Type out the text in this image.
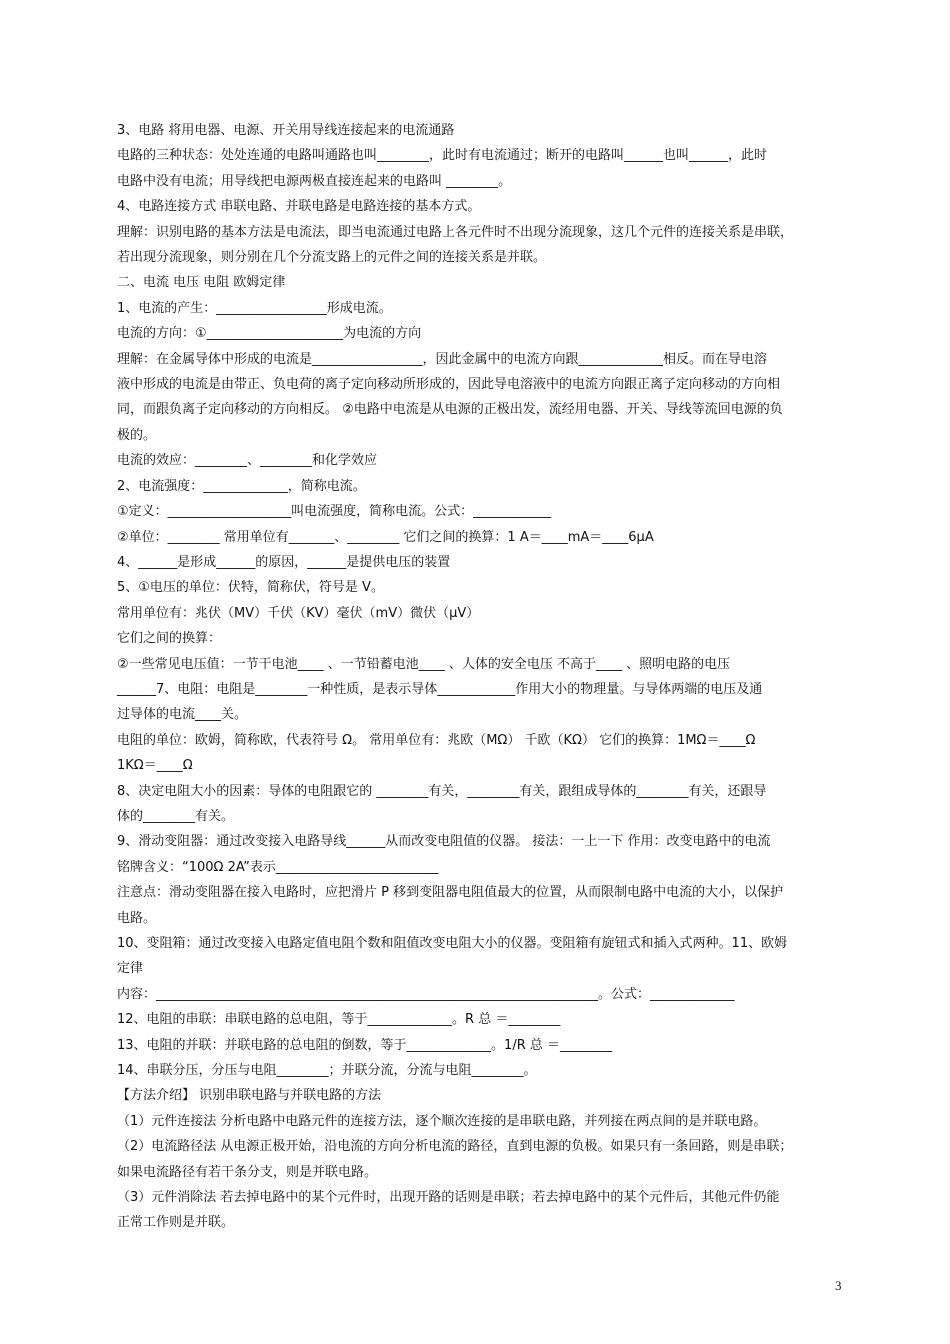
3、电路 将用电器、电源、开关用导线连接起来的电流通路

电路的三种状态：处处连通的电路叫通路也叫________，此时有电流通过；断开的电路叫______也叫______，此时

电路中没有电流；用导线把电源两极直接连起来的电路叫 ________。

4、电路连接方式 串联电路、并联电路是电路连接的基本方式。

理解：识别电路的基本方法是电流法，即当电流通过电路上各元件时不出现分流现象，这几个元件的连接关系是串联，

若出现分流现象，则分别在几个分流支路上的元件之间的连接关系是并联。

二、电流 电压 电阻 欧姆定律

1、电流的产生：_________________形成电流。

电流的方向：①_____________________为电流的方向

理解：在金属导体中形成的电流是_________________，因此金属中的电流方向跟_____________相反。而在导电溶

液中形成的电流是由带正、负电荷的离子定向移动所形成的，因此导电溶液中的电流方向跟正离子定向移动的方向相

同，而跟负离子定向移动的方向相反。 ②电路中电流是从电源的正极出发，流经用电器、开关、导线等流回电源的负

极的。

电流的效应：________、________和化学效应

2、电流强度：_____________，简称电流。

①定义：___________________叫电流强度，简称电流。公式：____________

②单位：________ 常用单位有_______、________ 它们之间的换算：1 A＝____mA＝____6μA

4、______是形成______的原因，______是提供电压的装置

5、①电压的单位：伏特，简称伏，符号是 V。

常用单位有：兆伏（MV）千伏（KV）毫伏（mV）微伏（μV）

它们之间的换算：

②一些常见电压值：一节干电池____ 、一节铅蓄电池____ 、人体的安全电压 不高于____ 、照明电路的电压

______7、电阻：电阻是________一种性质，是表示导体____________作用大小的物理量。与导体两端的电压及通

过导体的电流____关。

电阻的单位：欧姆，简称欧，代表符号 Ω。 常用单位有：兆欧（MΩ） 千欧（KΩ） 它们的换算：1MΩ＝____Ω

1KΩ＝____Ω

8、决定电阻大小的因素：导体的电阻跟它的 ________有关，________有关，跟组成导体的________有关，还跟导

体的________有关。

9、滑动变阻器：通过改变接入电路导线______从而改变电阻值的仪器。 接法：一上一下 作用：改变电路中的电流

铭牌含义：“100Ω 2A”表示_________________________

注意点：滑动变阻器在接入电路时，应把滑片 P 移到变阻器电阻值最大的位置，从而限制电路中电流的大小，以保护

电路。

10、变阻箱：通过改变接入电路定值电阻个数和阻值改变电阻大小的仪器。变阻箱有旋钮式和插入式两种。11、欧姆

定律

内容：____________________________________________________________________。公式：_____________

12、电阻的串联：串联电路的总电阻，等于_____________。R 总 ＝________

13、电阻的并联：并联电路的总电阻的倒数，等于_____________。1/R 总 ＝________

14、串联分压，分压与电阻________；并联分流，分流与电阻________。

【方法介绍】 识别串联电路与并联电路的方法

（1）元件连接法 分析电路中电路元件的连接方法，逐个顺次连接的是串联电路，并列接在两点间的是并联电路。

（2）电流路径法 从电源正极开始，沿电流的方向分析电流的路径，直到电源的负极。如果只有一条回路，则是串联；

如果电流路径有若干条分支，则是并联电路。

（3）元件消除法 若去掉电路中的某个元件时，出现开路的话则是串联；若去掉电路中的某个元件后，其他元件仍能

正常工作则是并联。

3
